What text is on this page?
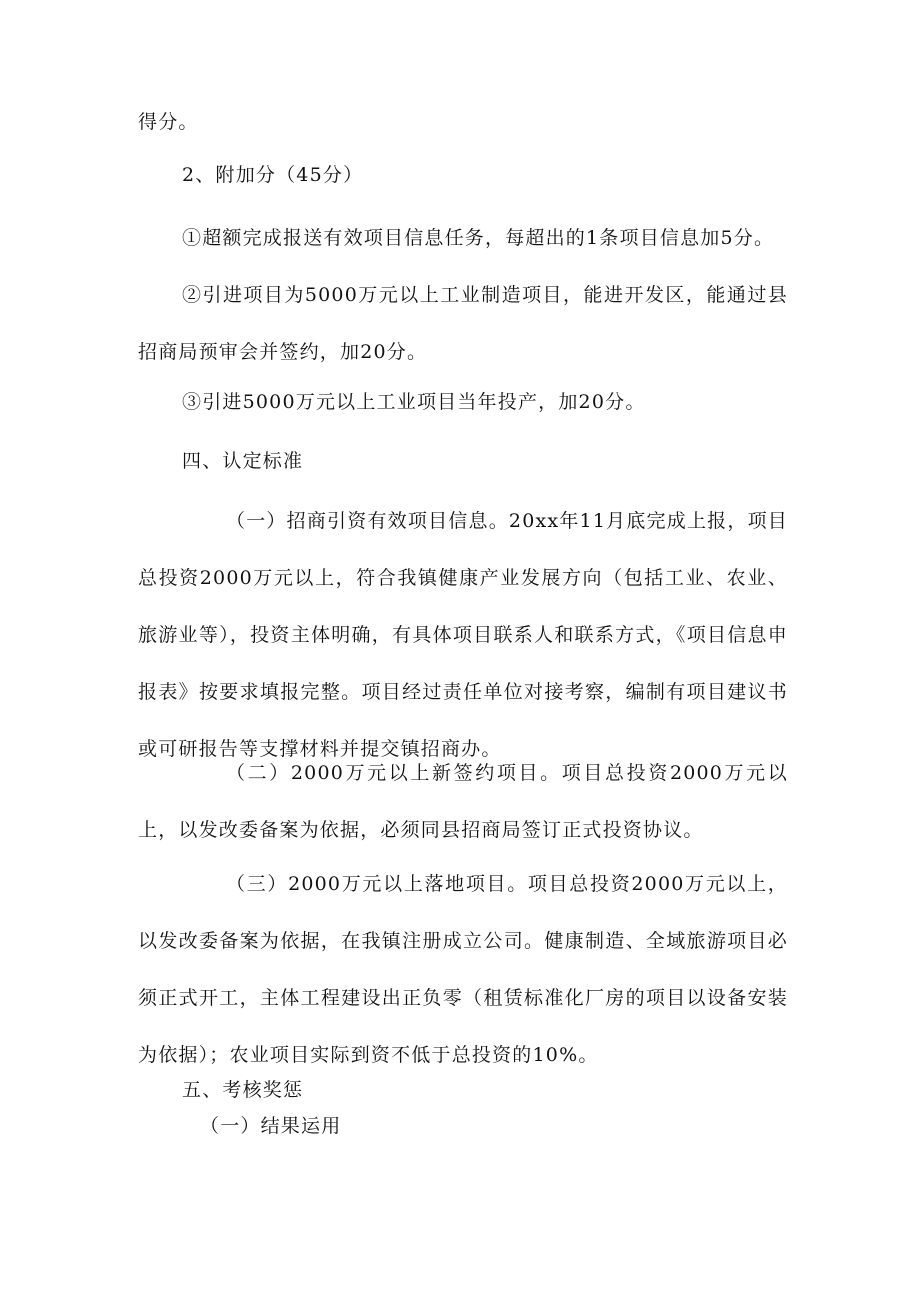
得分。

2、附加分（45分）

①超额完成报送有效项目信息任务，每超出的1条项目信息加5分。

②引进项目为5000万元以上工业制造项目，能进开发区，能通过县招商局预审会并签约，加20分。

③引进5000万元以上工业项目当年投产，加20分。

四、认定标准

（一）招商引资有效项目信息。20xx年11月底完成上报，项目总投资2000万元以上，符合我镇健康产业发展方向（包括工业、农业、旅游业等），投资主体明确，有具体项目联系人和联系方式，《项目信息申报表》按要求填报完整。项目经过责任单位对接考察，编制有项目建议书或可研报告等支撑材料并提交镇招商办。

（二）2000万元以上新签约项目。项目总投资2000万元以上，以发改委备案为依据，必须同县招商局签订正式投资协议。

（三）2000万元以上落地项目。项目总投资2000万元以上，以发改委备案为依据，在我镇注册成立公司。健康制造、全域旅游项目必须正式开工，主体工程建设出正负零（租赁标准化厂房的项目以设备安装为依据）；农业项目实际到资不低于总投资的10%。

五、考核奖惩

（一）结果运用
